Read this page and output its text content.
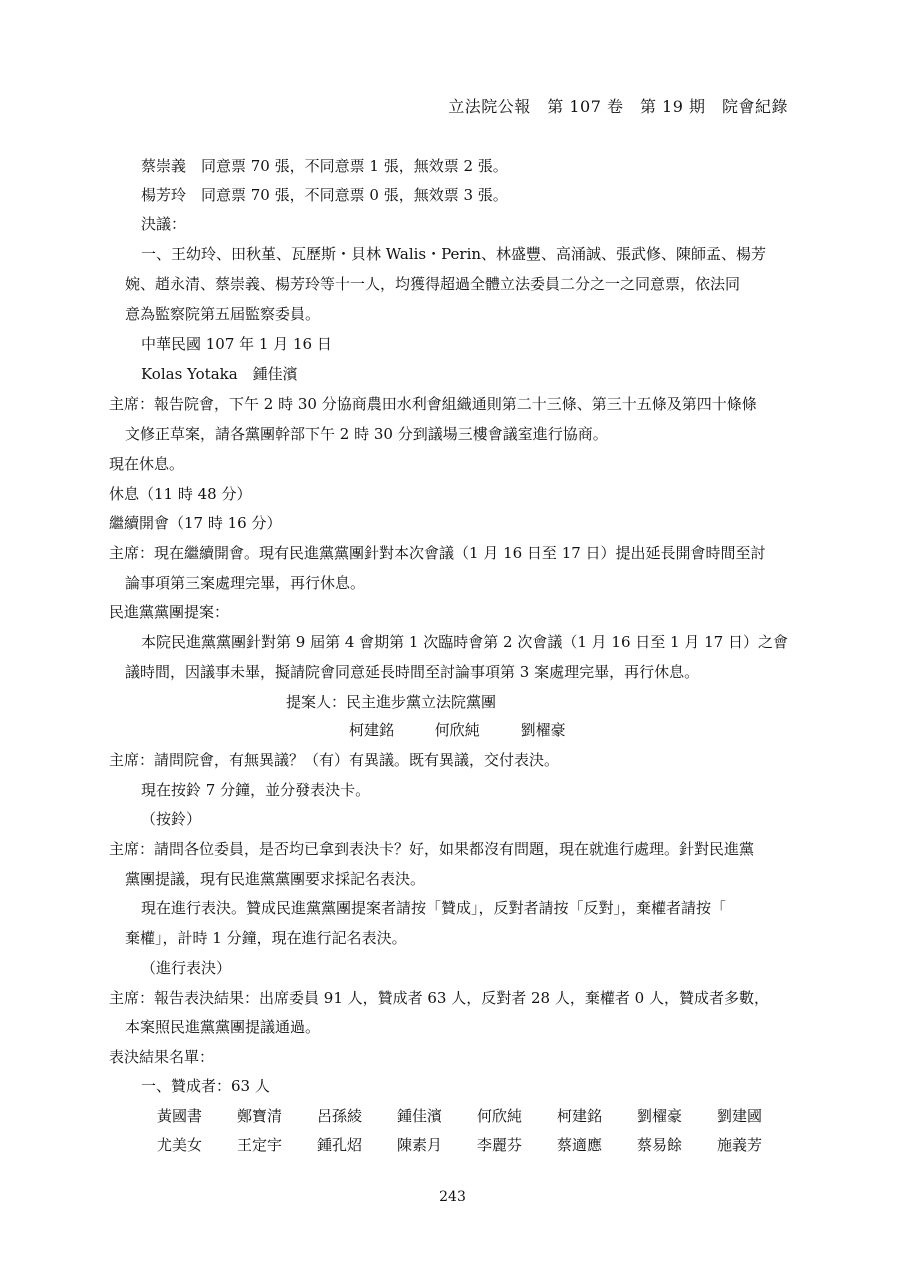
立法院公報　第 107 卷　第 19 期　院會紀錄
蔡崇義　同意票 70 張，不同意票 1 張，無效票 2 張。
楊芳玲　同意票 70 張，不同意票 0 張，無效票 3 張。
決議：
一、王幼玲、田秋堇、瓦歷斯・貝林 Walis・Perin、林盛豐、高涌誠、張武修、陳師孟、楊芳
婉、趙永清、蔡崇義、楊芳玲等十一人，均獲得超過全體立法委員二分之一之同意票，依法同
意為監察院第五屆監察委員。
中華民國 107 年 1 月 16 日
Kolas Yotaka　鍾佳濱
主席：報告院會，下午 2 時 30 分協商農田水利會組織通則第二十三條、第三十五條及第四十條條
文修正草案，請各黨團幹部下午 2 時 30 分到議場三樓會議室進行協商。
現在休息。
休息（11 時 48 分）
繼續開會（17 時 16 分）
主席：現在繼續開會。現有民進黨黨團針對本次會議（1 月 16 日至 17 日）提出延長開會時間至討
論事項第三案處理完畢，再行休息。
民進黨黨團提案：
本院民進黨黨團針對第 9 屆第 4 會期第 1 次臨時會第 2 次會議（1 月 16 日至 1 月 17 日）之會
議時間，因議事未畢，擬請院會同意延長時間至討論事項第 3 案處理完畢，再行休息。
提案人：民主進步黨立法院黨團
柯建銘	何欣純	劉櫂豪
主席：請問院會，有無異議？（有）有異議。既有異議，交付表決。
現在按鈴 7 分鐘，並分發表決卡。
（按鈴）
主席：請問各位委員，是否均已拿到表決卡？好，如果都沒有問題，現在就進行處理。針對民進黨
黨團提議，現有民進黨黨團要求採記名表決。
現在進行表決。贊成民進黨黨團提案者請按「贊成」，反對者請按「反對」，棄權者請按「
棄權」，計時 1 分鐘，現在進行記名表決。
（進行表決）
主席：報告表決結果：出席委員 91 人，贊成者 63 人，反對者 28 人，棄權者 0 人，贊成者多數，
本案照民進黨黨團提議通過。
表決結果名單：
一、贊成者：63 人
黃國書	鄭寶清	呂孫綾	鍾佳濱	何欣純	柯建銘	劉櫂豪	劉建國
尤美女	王定宇	鍾孔炤	陳素月	李麗芬	蔡適應	蔡易餘	施義芳
243
